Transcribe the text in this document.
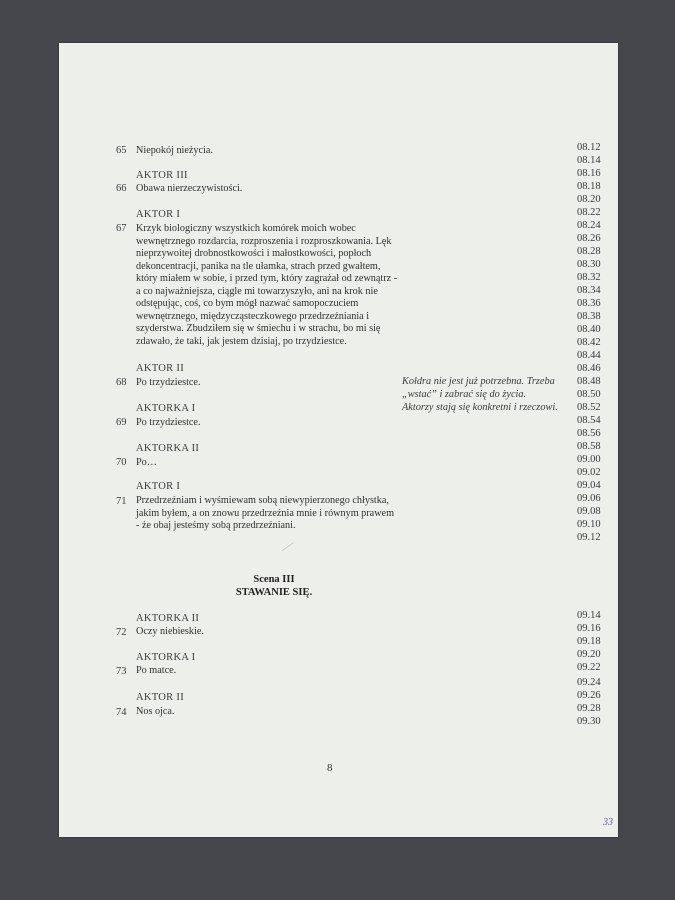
65 Niepokój nieżycia.
AKTOR III
66 Obawa nierzeczywistości.
AKTOR I
67 Krzyk biologiczny wszystkich komórek moich wobec
wewnętrznego rozdarcia, rozproszenia i rozproszkowania. Lęk
nieprzywoitej drobnostkowości i małostkowości, popłoch
dekoncentracji, panika na tle ułamka, strach przed gwałtem,
który miałem w sobie, i przed tym, który zagrażał od zewnątrz -
a co najważniejsza, ciągle mi towarzyszyło, ani na krok nie
odstępując, coś, co bym mógł nazwać samopoczuciem
wewnętrznego, międzycząsteczkowego przedrzeźniania i
szyderstwa. Zbudziłem się w śmiechu i w strachu, bo mi się
zdawało, że taki, jak jestem dzisiaj, po trzydziestce.
AKTOR II
68 Po trzydziestce.	Kołdra nie jest już potrzebna. Trzeba
„wstać” i zabrać się do życia.
Aktorzy stają się konkretni i rzeczowi.
AKTORKA I
69 Po trzydziestce.
AKTORKA II
70 Po…
AKTOR I
71 Przedrzeźniam i wyśmiewam sobą niewypierzonego chłystka,
jakim byłem, a on znowu przedrzeźnia mnie i równym prawem
- że obaj jesteśmy sobą przedrzeźniani.
Scena III
STAWANIE SIĘ.
AKTORKA II
72 Oczy niebieskie.
AKTORKA I
73 Po matce.
AKTOR II
74 Nos ojca.
08.12
08.14
08.16
08.18
08.20
08.22
08.24
08.26
08.28
08.30
08.32
08.34
08.36
08.38
08.40
08.42
08.44
08.46
08.48
08.50
08.52
08.54
08.56
08.58
09.00
09.02
09.04
09.06
09.08
09.10
09.12
09.14
09.16
09.18
09.20
09.22
09.24
09.26
09.28
09.30
8
33
